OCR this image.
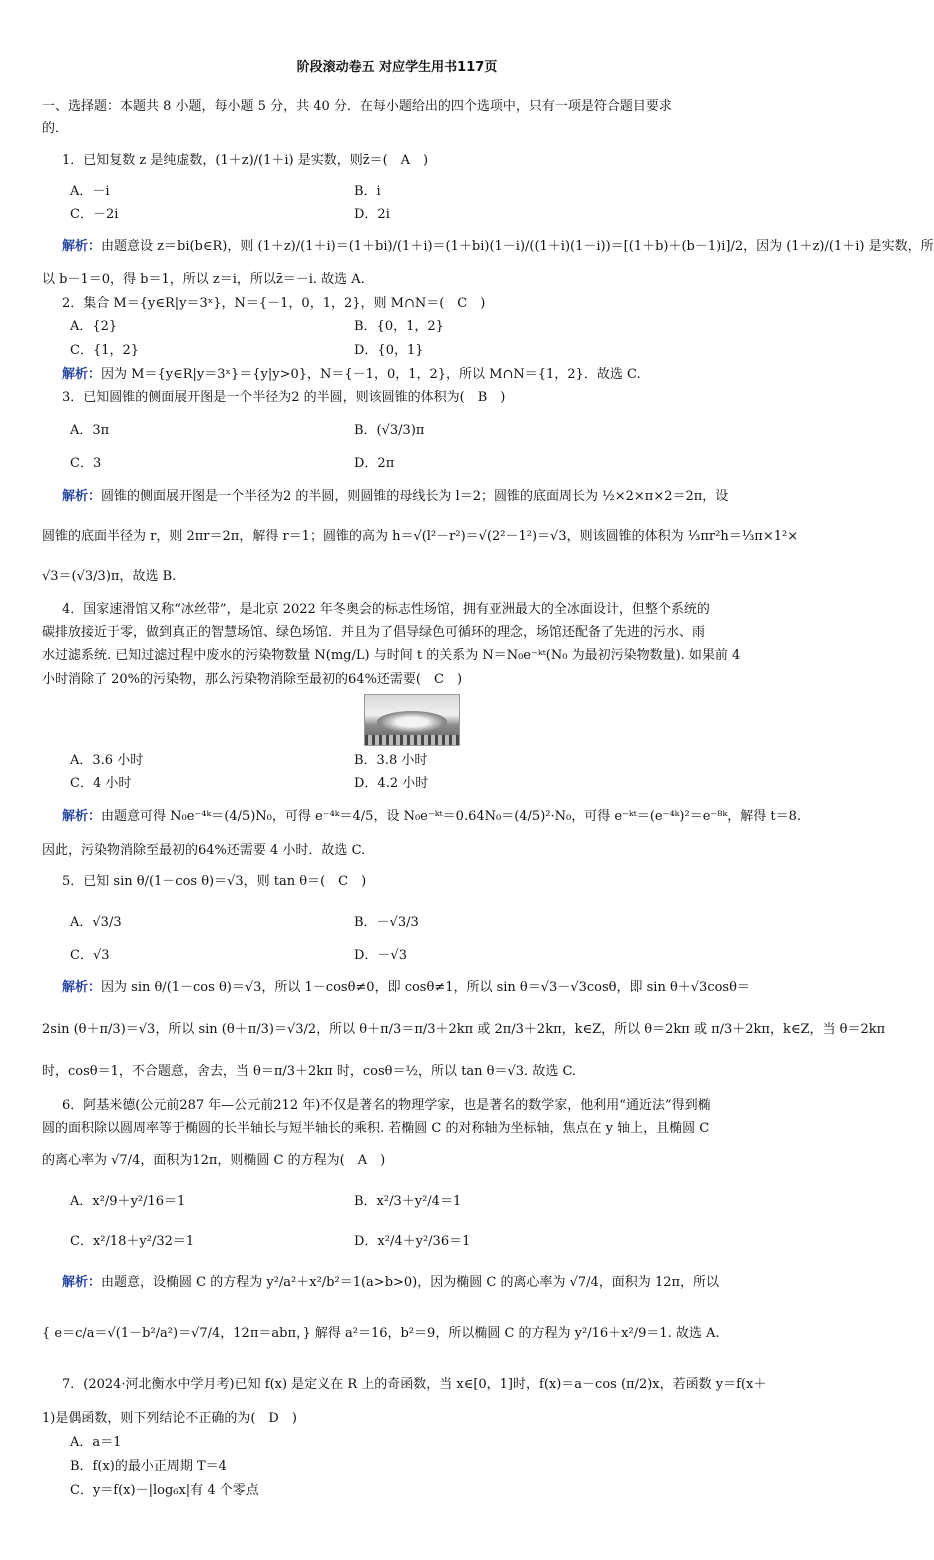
阶段滚动卷五 对应学生用书117页
一、选择题：本题共 8 小题，每小题 5 分，共 40 分．在每小题给出的四个选项中，只有一项是符合题目要求
的．
1．已知复数 z 是纯虚数，(1＋z)/(1＋i) 是实数，则z̄＝(　A　)
A．－i	B．i
C．－2i	D．2i
解析：由题意设 z＝bi(b∈R)，则 (1＋z)/(1＋i)＝(1＋bi)/(1＋i)＝(1＋bi)(1－i)/((1＋i)(1－i))＝[(1＋b)＋(b－1)i]/2，因为 (1＋z)/(1＋i) 是实数，所
以 b－1＝0，得 b＝1，所以 z＝i，所以z̄＝－i. 故选 A.
2．集合 M＝{y∈R|y＝3ˣ}，N＝{－1，0，1，2}，则 M∩N＝(　C　)
A．{2}	B．{0，1，2}
C．{1，2}	D．{0，1}
解析：因为 M＝{y∈R|y＝3ˣ}＝{y|y>0}，N＝{－1，0，1，2}，所以 M∩N＝{1，2}．故选 C.
3．已知圆锥的侧面展开图是一个半径为2 的半圆，则该圆锥的体积为(　B　)
A．3π	B．(√3/3)π
C．3	D．2π
解析：圆锥的侧面展开图是一个半径为2 的半圆，则圆锥的母线长为 l＝2；圆锥的底面周长为 ½×2×π×2＝2π，设
圆锥的底面半径为 r，则 2πr＝2π，解得 r＝1；圆锥的高为 h＝√(l²－r²)＝√(2²－1²)＝√3，则该圆锥的体积为 ⅓πr²h＝⅓π×1²×
√3＝(√3/3)π，故选 B.
4．国家速滑馆又称“冰丝带”，是北京 2022 年冬奥会的标志性场馆，拥有亚洲最大的全冰面设计，但整个系统的
碳排放接近于零，做到真正的智慧场馆、绿色场馆．并且为了倡导绿色可循环的理念，场馆还配备了先进的污水、雨
水过滤系统. 已知过滤过程中废水的污染物数量 N(mg/L) 与时间 t 的关系为 N＝N₀e⁻ᵏᵗ(N₀ 为最初污染物数量). 如果前 4
小时消除了 20%的污染物，那么污染物消除至最初的64%还需要(　C　)
A．3.6 小时	B．3.8 小时
C．4 小时	D．4.2 小时
解析：由题意可得 N₀e⁻⁴ᵏ＝(4/5)N₀，可得 e⁻⁴ᵏ＝4/5，设 N₀e⁻ᵏᵗ＝0.64N₀＝(4/5)²·N₀，可得 e⁻ᵏᵗ＝(e⁻⁴ᵏ)²＝e⁻⁸ᵏ，解得 t＝8.
因此，污染物消除至最初的64%还需要 4 小时．故选 C.
5．已知 sin θ/(1－cos θ)＝√3，则 tan θ＝(　C　)
A．√3/3	B．－√3/3
C．√3	D．－√3
解析：因为 sin θ/(1－cos θ)＝√3，所以 1－cosθ≠0，即 cosθ≠1，所以 sin θ＝√3－√3cosθ，即 sin θ＋√3cosθ＝
2sin (θ＋π/3)＝√3，所以 sin (θ＋π/3)＝√3/2，所以 θ＋π/3＝π/3＋2kπ 或 2π/3＋2kπ，k∈Z，所以 θ＝2kπ 或 π/3＋2kπ，k∈Z，当 θ＝2kπ
时，cosθ＝1，不合题意，舍去，当 θ＝π/3＋2kπ 时，cosθ＝½，所以 tan θ＝√3. 故选 C.
6．阿基米德(公元前287 年—公元前212 年)不仅是著名的物理学家，也是著名的数学家，他利用“通近法”得到椭
圆的面积除以圆周率等于椭圆的长半轴长与短半轴长的乘积. 若椭圆 C 的对称轴为坐标轴，焦点在 y 轴上，且椭圆 C
的离心率为 √7/4，面积为12π，则椭圆 C 的方程为(　A　)
A．x²/9＋y²/16＝1	B．x²/3＋y²/4＝1
C．x²/18＋y²/32＝1	D．x²/4＋y²/36＝1
解析：由题意，设椭圆 C 的方程为 y²/a²＋x²/b²＝1(a>b>0)，因为椭圆 C 的离心率为 √7/4，面积为 12π，所以
{ e＝c/a＝√(1－b²/a²)＝√7/4，12π＝abπ，} 解得 a²＝16，b²＝9，所以椭圆 C 的方程为 y²/16＋x²/9＝1. 故选 A.
7．(2024·河北衡水中学月考)已知 f(x) 是定义在 R 上的奇函数，当 x∈[0，1]时，f(x)＝a－cos (π/2)x，若函数 y＝f(x＋
1)是偶函数，则下列结论不正确的为(　D　)
A．a＝1
B．f(x)的最小正周期 T＝4
C．y＝f(x)－|log₆x|有 4 个零点
